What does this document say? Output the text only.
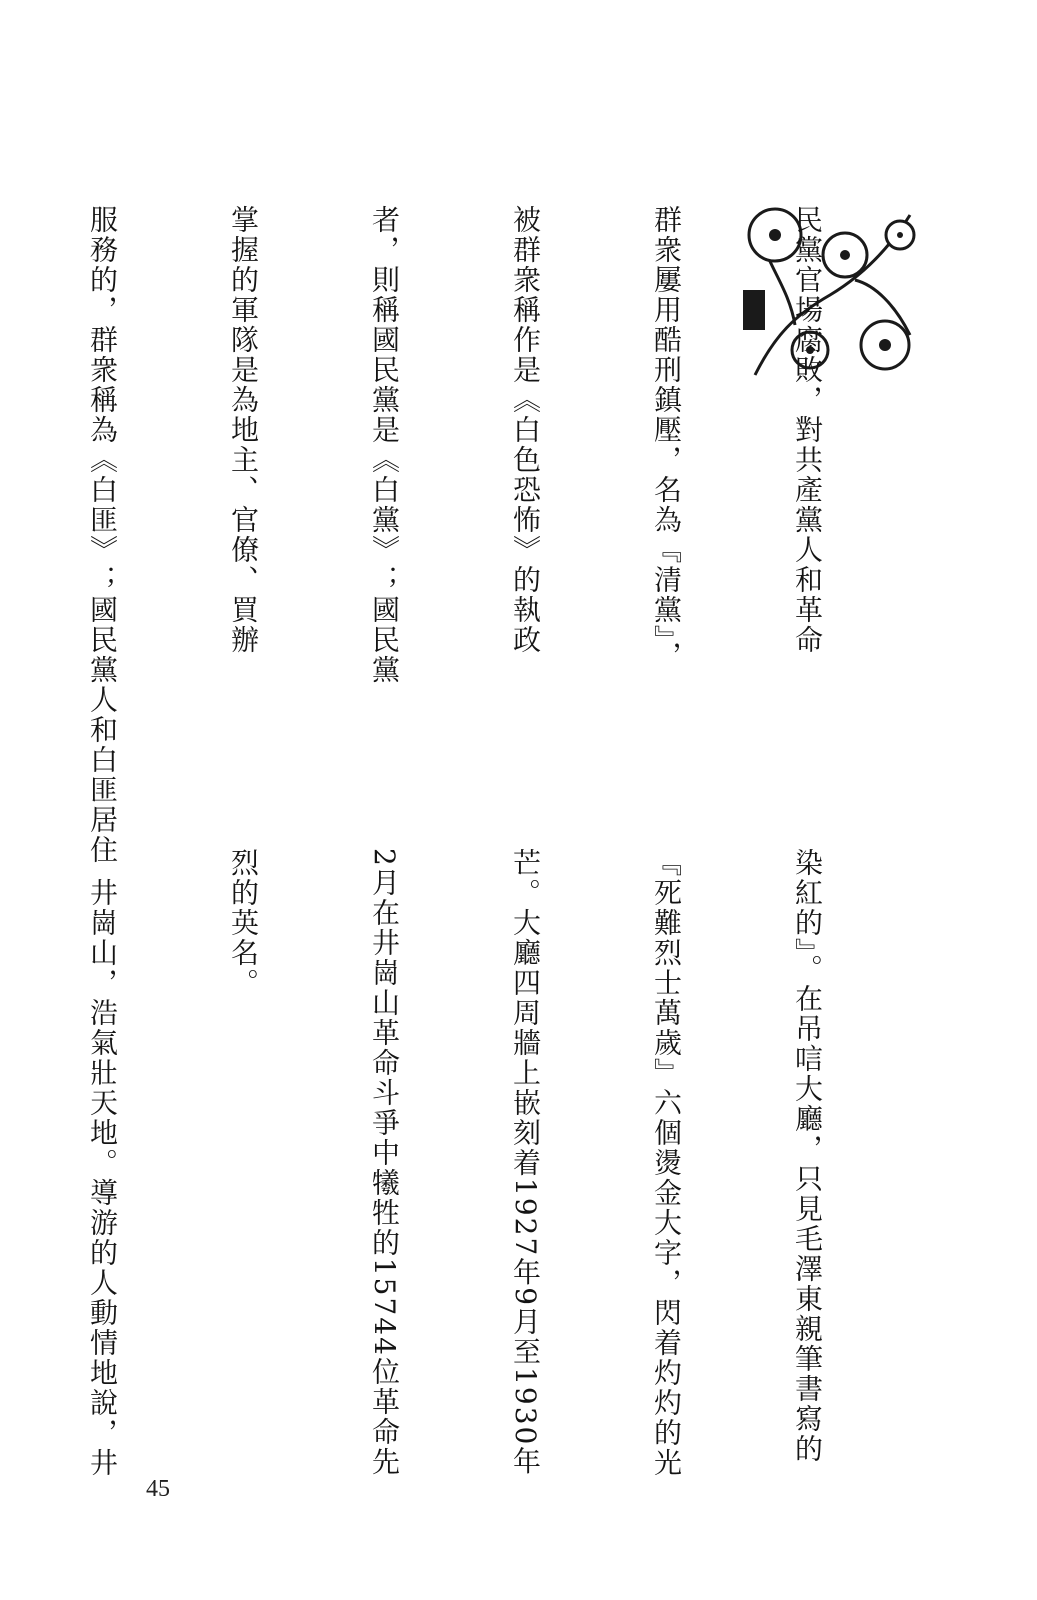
民黨官場腐敗，對共產黨人和革命

群衆屢用酷刑鎮壓，名為『清黨』，

被群衆稱作是《白色恐怖》的執政

者，則稱國民黨是《白黨》；國民黨

掌握的軍隊是為地主、官僚、買辦

服務的，群衆稱為《白匪》；國民黨人和白匪居住

染紅的』。在吊唁大廳，只見毛澤東親筆書寫的

『死難烈士萬歲』六個燙金大字，閃着灼灼的光

芒。大廳四周牆上嵌刻着1927年9月至1930年

2月在井崗山革命斗爭中犧牲的15744位革命先

烈的英名。

　井崗山，浩氣壯天地。導游的人動情地說，井

45
